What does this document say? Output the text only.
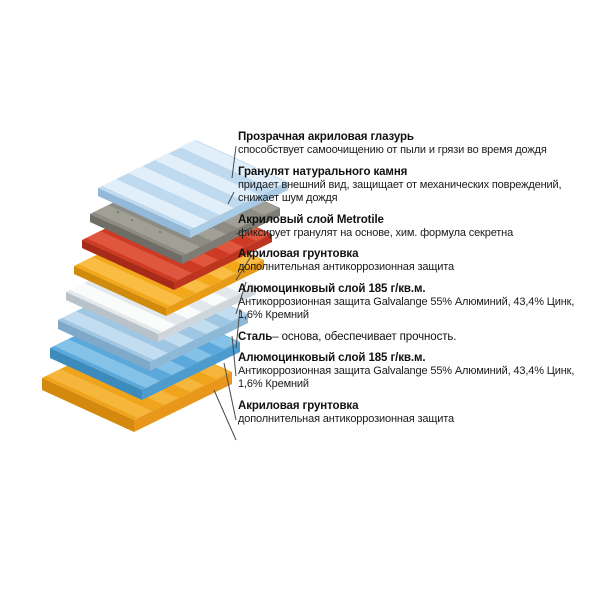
Прозрачная акриловая глазурь
способствует самоочищению от пыли и грязи во время дождя
Гранулят натурального камня
придает внешний вид, защищает от механических повреждений, снижает шум дождя
Акриловый слой Metrotile
фиксирует гранулят на основе, хим. формула секретна
Акриловая грунтовка
дополнительная антикоррозионная защита
Алюмоцинковый слой 185 г/кв.м.
Антикоррозионная защита Galvalange 55% Алюминий, 43,4% Цинк, 1,6% Кремний
Сталь– основа, обеспечивает прочность.
Алюмоцинковый слой 185 г/кв.м.
Антикоррозионная защита Galvalange 55% Алюминий, 43,4% Цинк, 1,6% Кремний
Акриловая грунтовка
дополнительная антикоррозионная защита
